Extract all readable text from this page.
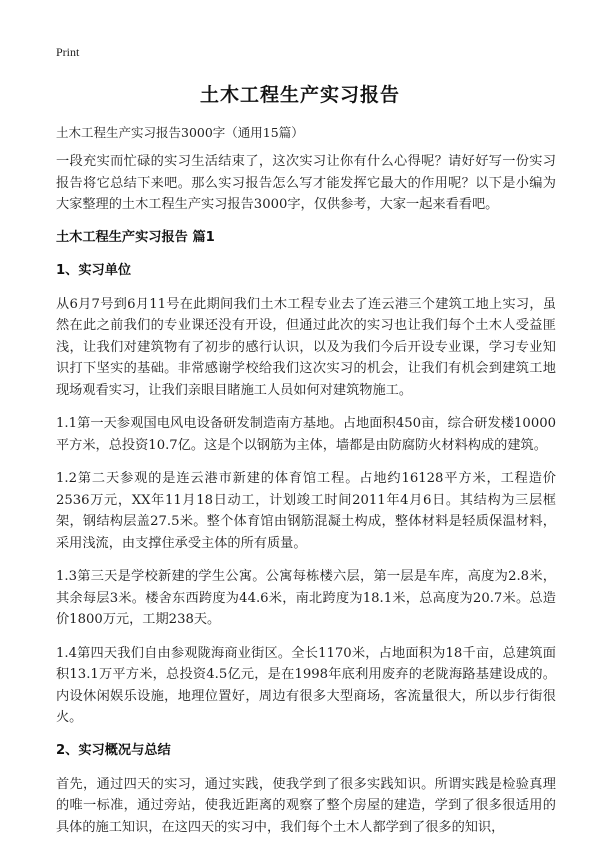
Print
土木工程生产实习报告
土木工程生产实习报告3000字（通用15篇）

一段充实而忙碌的实习生活结束了，这次实习让你有什么心得呢？请好好写一份实习报告将它总结下来吧。那么实习报告怎么写才能发挥它最大的作用呢？以下是小编为大家整理的土木工程生产实习报告3000字，仅供参考，大家一起来看看吧。

土木工程生产实习报告 篇1
1、实习单位

从6月7号到6月11号在此期间我们土木工程专业去了连云港三个建筑工地上实习，虽然在此之前我们的专业课还没有开设，但通过此次的实习也让我们每个土木人受益匪浅，让我们对建筑物有了初步的感行认识，以及为我们今后开设专业课，学习专业知识打下坚实的基础。非常感谢学校给我们这次实习的机会，让我们有机会到建筑工地现场观看实习，让我们亲眼目睹施工人员如何对建筑物施工。

1.1第一天参观国电风电设备研发制造南方基地。占地面积450亩，综合研发楼10000平方米，总投资10.7亿。这是个以钢筋为主体，墙都是由防腐防火材料构成的建筑。

1.2第二天参观的是连云港市新建的体育馆工程。占地约16128平方米，工程造价2536万元，XX年11月18日动工，计划竣工时间2011年4月6日。其结构为三层框架，钢结构层盖27.5米。整个体育馆由钢筋混凝土构成，整体材料是轻质保温材料，采用浅流，由支撑住承受主体的所有质量。

1.3第三天是学校新建的学生公寓。公寓每栋楼六层，第一层是车库，高度为2.8米，其余每层3米。楼舍东西跨度为44.6米，南北跨度为18.1米，总高度为20.7米。总造价1800万元，工期238天。

1.4第四天我们自由参观陇海商业街区。全长1170米，占地面积为18千亩，总建筑面积13.1万平方米，总投资4.5亿元，是在1998年底利用废弃的老陇海路基建设成的。内设休闲娱乐设施，地理位置好，周边有很多大型商场，客流量很大，所以步行街很火。

2、实习概况与总结

首先，通过四天的实习，通过实践，使我学到了很多实践知识。所谓实践是检验真理的唯一标准，通过旁站，使我近距离的观察了整个房屋的建造，学到了很多很适用的具体的施工知识，在这四天的实习中，我们每个土木人都学到了很多的知识，
